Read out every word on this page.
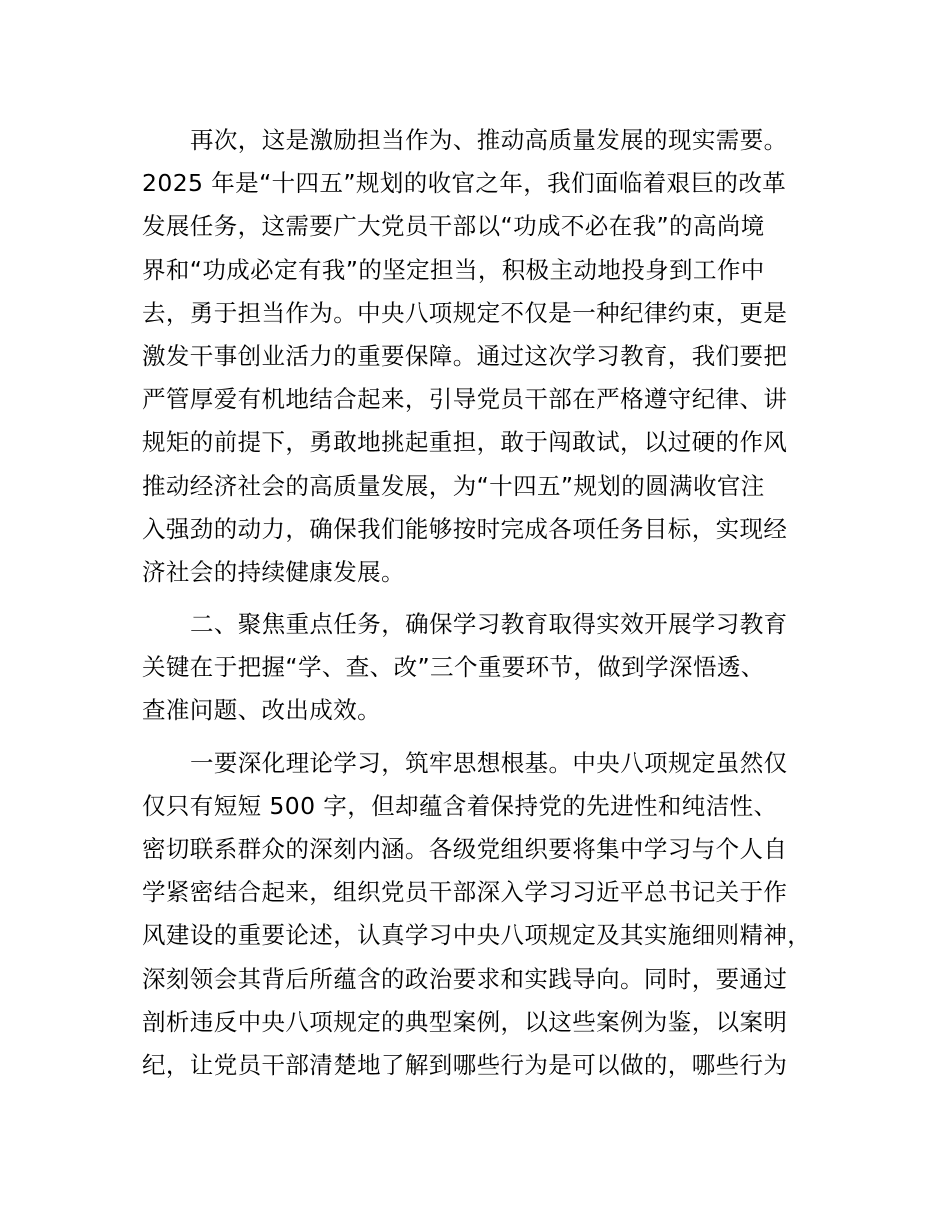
再次，这是激励担当作为、推动高质量发展的现实需要。
2025 年是“十四五”规划的收官之年，我们面临着艰巨的改革
发展任务，这需要广大党员干部以“功成不必在我”的高尚境
界和“功成必定有我”的坚定担当，积极主动地投身到工作中
去，勇于担当作为。中央八项规定不仅是一种纪律约束，更是
激发干事创业活力的重要保障。通过这次学习教育，我们要把
严管厚爱有机地结合起来，引导党员干部在严格遵守纪律、讲
规矩的前提下，勇敢地挑起重担，敢于闯敢试，以过硬的作风
推动经济社会的高质量发展，为“十四五”规划的圆满收官注
入强劲的动力，确保我们能够按时完成各项任务目标，实现经
济社会的持续健康发展。

二、聚焦重点任务，确保学习教育取得实效开展学习教育
关键在于把握“学、查、改”三个重要环节，做到学深悟透、
查准问题、改出成效。

一要深化理论学习，筑牢思想根基。中央八项规定虽然仅
仅只有短短 500 字，但却蕴含着保持党的先进性和纯洁性、
密切联系群众的深刻内涵。各级党组织要将集中学习与个人自
学紧密结合起来，组织党员干部深入学习习近平总书记关于作
风建设的重要论述，认真学习中央八项规定及其实施细则精神，
深刻领会其背后所蕴含的政治要求和实践导向。同时，要通过
剖析违反中央八项规定的典型案例，以这些案例为鉴，以案明
纪，让党员干部清楚地了解到哪些行为是可以做的，哪些行为
